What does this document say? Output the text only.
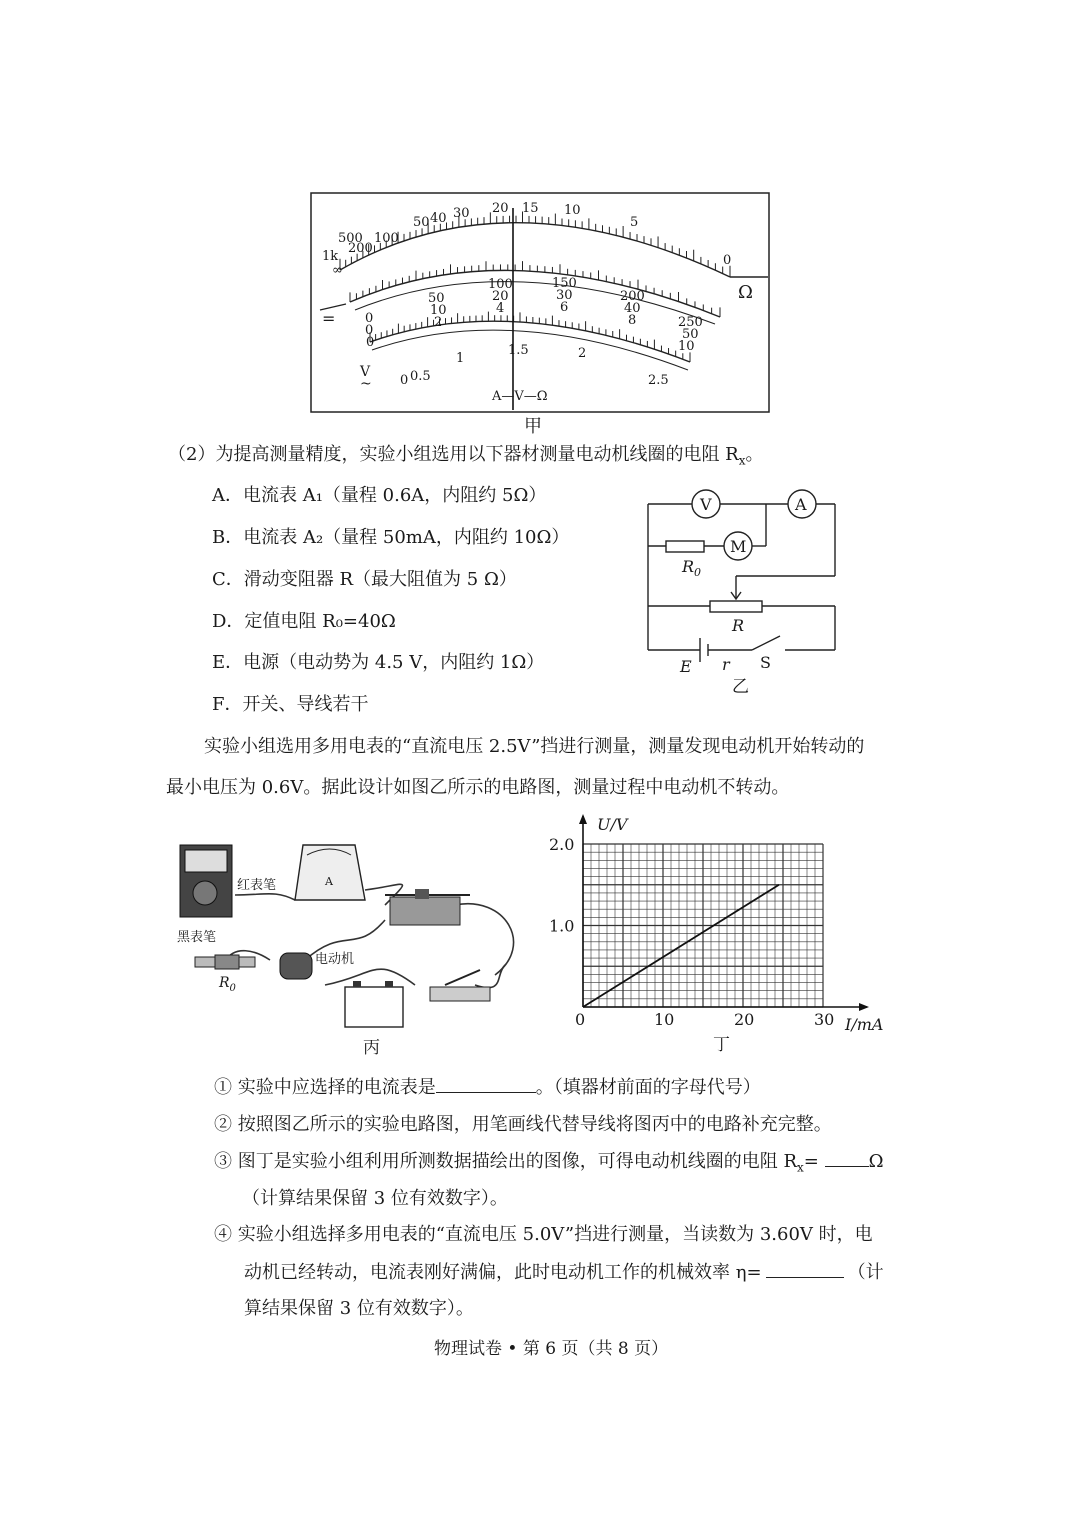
∞
1k
500
200
100
50 40 30 20 15 10
5
0
Ω
0
50
100	150
200
250
0
10
20	30
40
50
0
2
4	6
8
10
0 0.5
1
1.5	2
2.5
=
V
~
A—V—Ω
甲
（2）为提高测量精度，实验小组选用以下器材测量电动机线圈的电阻 $R_x$。
A．电流表 A₁（量程 0.6A，内阻约 5Ω）
B．电流表 A₂（量程 50mA，内阻约 10Ω）
C．滑动变阻器 R（最大阻值为 5 Ω）
D．定值电阻 R₀=40Ω
E．电源（电动势为 4.5 V，内阻约 1Ω）
F．开关、导线若干
V	A
M
$R_0$
R
E r S
乙
实验小组选用多用电表的“直流电压 2.5V”挡进行测量，测量发现电动机开始转动的
最小电压为 0.6V。据此设计如图乙所示的电路图，测量过程中电动机不转动。
红表笔
黑表笔
A
$R_0$
电动机
丙
0	10	20	30
1.0
2.0
U/V
I/mA
丁
① 实验中应选择的电流表是	。（填器材前面的字母代号）
② 按照图乙所示的实验电路图，用笔画线代替导线将图丙中的电路补充完整。
③ 图丁是实验小组利用所测数据描绘出的图像，可得电动机线圈的电阻 $R_x=$	Ω
（计算结果保留 3 位有效数字）。
④ 实验小组选择多用电表的“直流电压 5.0V”挡进行测量，当读数为 3.60V 时，电
动机已经转动，电流表刚好满偏，此时电动机工作的机械效率 η=	（计
算结果保留 3 位有效数字）。
物理试卷 • 第 6 页（共 8 页）
